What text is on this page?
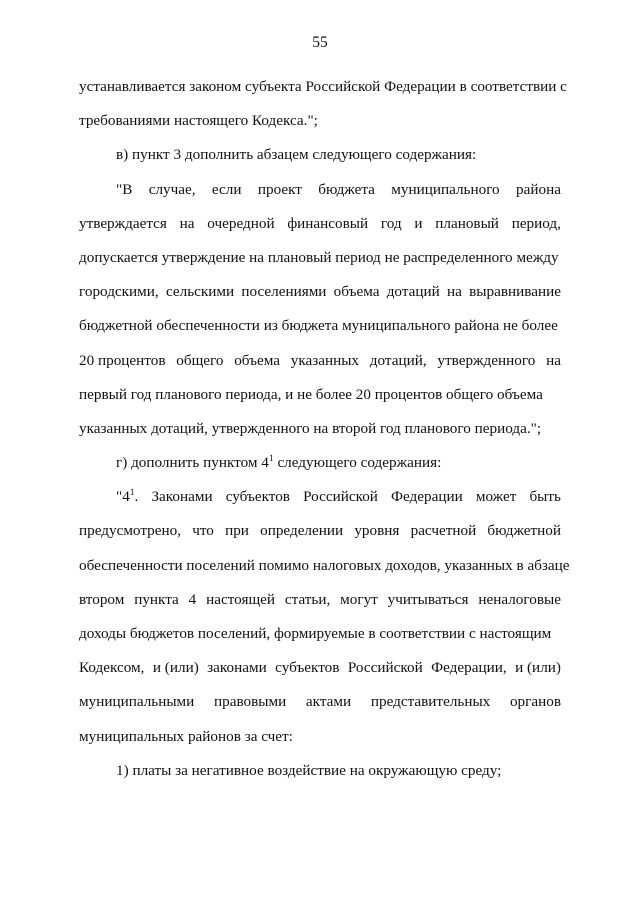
55
устанавливается законом субъекта Российской Федерации в соответствии с
требованиями настоящего Кодекса.";
в) пункт 3 дополнить абзацем следующего содержания:
"В случае, если проект бюджета муниципального района
утверждается на очередной финансовый год и плановый период,
допускается утверждение на плановый период не распределенного между
городскими, сельскими поселениями объема дотаций на выравнивание
бюджетной обеспеченности из бюджета муниципального района не более
20 процентов общего объема указанных дотаций, утвержденного на
первый год планового периода, и не более 20 процентов общего объема
указанных дотаций, утвержденного на второй год планового периода.";
г) дополнить пунктом $4^1$ следующего содержания:
"$4^1$. Законами субъектов Российской Федерации может быть
предусмотрено, что при определении уровня расчетной бюджетной
обеспеченности поселений помимо налоговых доходов, указанных в абзаце
втором пункта 4 настоящей статьи, могут учитываться неналоговые
доходы бюджетов поселений, формируемые в соответствии с настоящим
Кодексом, и (или) законами субъектов Российской Федерации, и (или)
муниципальными правовыми актами представительных органов
муниципальных районов за счет:
1) платы за негативное воздействие на окружающую среду;
